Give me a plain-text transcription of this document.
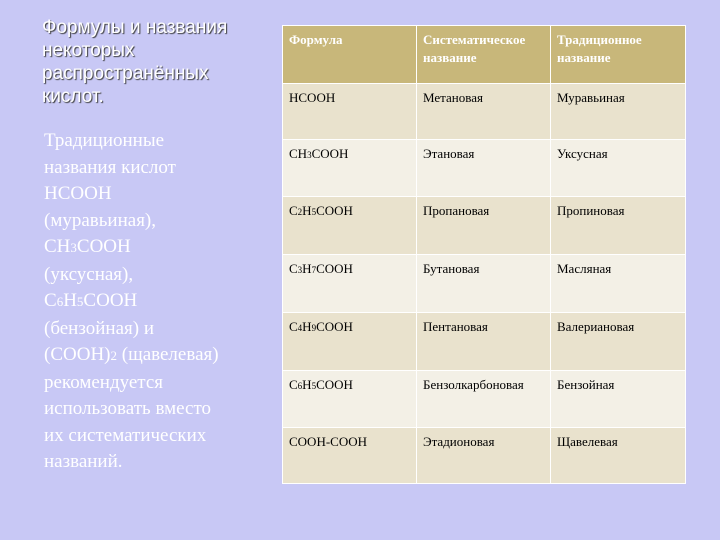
Формулы и названия некоторых распространённых кислот.
Традиционные
названия кислот
HCOOH
(муравьиная),
CH3COOH
(уксусная),
C6H5COOH
(бензойная) и
(COOH)2 (щавелевая)
рекомендуется
использовать вместо
их систематических
названий.
Формула	Систематическое название	Традиционное название
HCOOH	Метановая	Муравьиная
CH3COOH	Этановая	Уксусная
C2H5COOH	Пропановая	Пропиновая
C3H7COOH	Бутановая	Масляная
C4H9COOH	Пентановая	Валериановая
C6H5COOH	Бензолкарбоновая	Бензойная
COOH-COOH	Этадионовая	Щавелевая
